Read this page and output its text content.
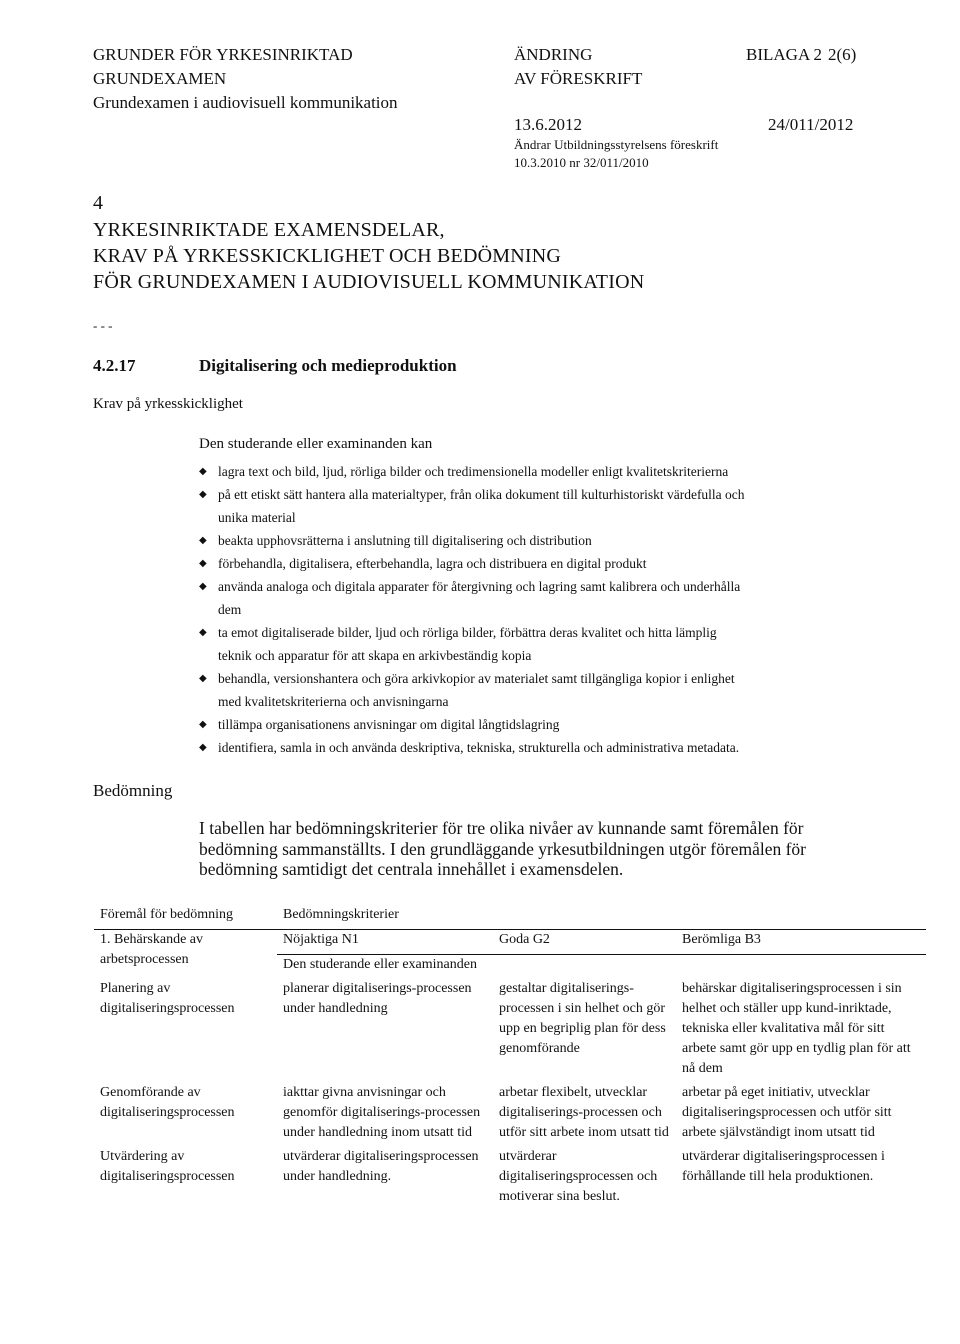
GRUNDER FÖR YRKESINRIKTAD
GRUNDEXAMEN
Grundexamen i audiovisuell kommunikation
ÄNDRING
AV FÖRESKRIFT
BILAGA 2 2(6)
13.6.2012	24/011/2012
Ändrar Utbildningsstyrelsens föreskrift
10.3.2010 nr 32/011/2010
4
YRKESINRIKTADE EXAMENSDELAR,
KRAV PÅ YRKESSKICKLIGHET OCH BEDÖMNING
FÖR GRUNDEXAMEN I AUDIOVISUELL KOMMUNIKATION
- - -
4.2.17	Digitalisering och medieproduktion
Krav på yrkesskicklighet
Den studerande eller examinanden kan
◆ lagra text och bild, ljud, rörliga bilder och tredimensionella modeller enligt kvalitetskriterierna
◆ på ett etiskt sätt hantera alla materialtyper, från olika dokument till kulturhistoriskt värdefulla och
unika material
◆ beakta upphovsrätterna i anslutning till digitalisering och distribution
◆ förbehandla, digitalisera, efterbehandla, lagra och distribuera en digital produkt
◆ använda analoga och digitala apparater för återgivning och lagring samt kalibrera och underhålla
dem
◆ ta emot digitaliserade bilder, ljud och rörliga bilder, förbättra deras kvalitet och hitta lämplig
teknik och apparatur för att skapa en arkivbeständig kopia
◆ behandla, versionshantera och göra arkivkopior av materialet samt tillgängliga kopior i enlighet
med kvalitetskriterierna och anvisningarna
◆ tillämpa organisationens anvisningar om digital långtidslagring
◆ identifiera, samla in och använda deskriptiva, tekniska, strukturella och administrativa metadata.
Bedömning
I tabellen har bedömningskriterier för tre olika nivåer av kunnande samt föremålen för
bedömning sammanställts. I den grundläggande yrkesutbildningen utgör föremålen för
bedömning samtidigt det centrala innehållet i examensdelen.
Föremål för bedömning	Bedömningskriterier		
1. Behärskande av arbetsprocessen	Nöjaktiga N1	Goda G2	Berömliga B3
	Den studerande eller examinanden		
Planering av digitaliseringsprocessen	planerar digitaliserings-processen under handledning	gestaltar digitaliserings-processen i sin helhet och gör upp en begriplig plan för dess genomförande	behärskar digitaliseringsprocessen i sin helhet och ställer upp kund-inriktade, tekniska eller kvalitativa mål för sitt arbete samt gör upp en tydlig plan för att nå dem
Genomförande av digitaliseringsprocessen	iakttar givna anvisningar och genomför digitaliserings-processen under handledning inom utsatt tid	arbetar flexibelt, utvecklar digitaliserings-processen och utför sitt arbete inom utsatt tid	arbetar på eget initiativ, utvecklar digitaliseringsprocessen och utför sitt arbete självständigt inom utsatt tid
Utvärdering av digitaliseringsprocessen	utvärderar digitaliseringsprocessen under handledning.	utvärderar digitaliseringsprocessen och motiverar sina beslut.	utvärderar digitaliseringsprocessen i förhållande till hela produktionen.
